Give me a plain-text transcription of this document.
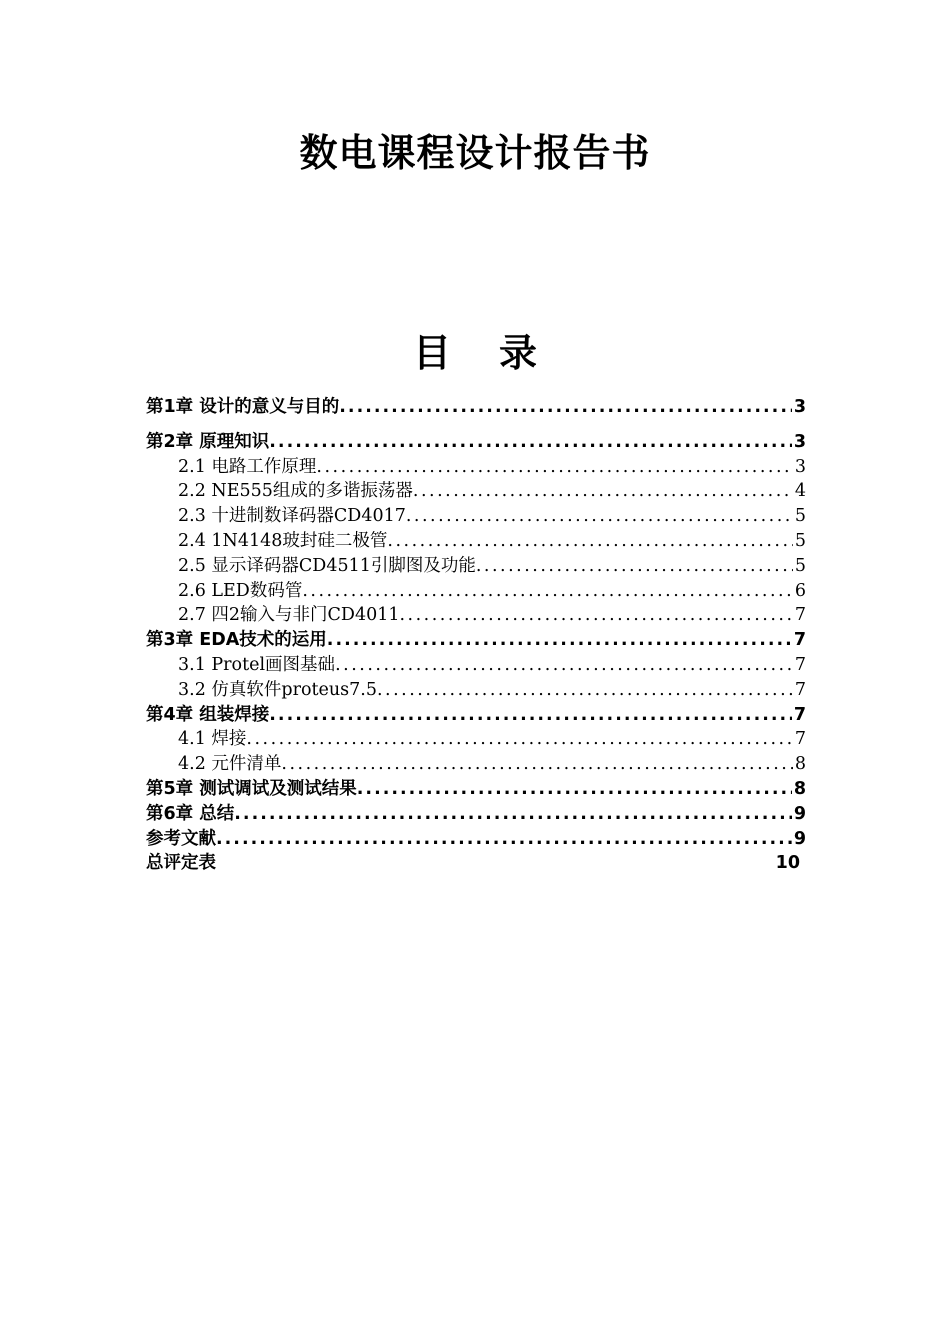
数电课程设计报告书
目 录
第1章 设计的意义与目的 .....	3
第2章 原理知识 .....	3
2.1 电路工作原理 .....	3
2.2 NE555组成的多谐振荡器 .....	4
2.3 十进制数译码器CD4017 .....	5
2.4 1N4148玻封硅二极管 .....	5
2.5 显示译码器CD4511引脚图及功能 .....	5
2.6 LED数码管 .....	6
2.7 四2输入与非门CD4011 .....	7
第3章 EDA技术的运用 .....	7
3.1 Protel画图基础 .....	7
3.2 仿真软件proteus7.5 .....	7
第4章 组装焊接 .....	7
4.1 焊接 .....	7
4.2 元件清单 .....	8
第5章 测试调试及测试结果 .....	8
第6章 总结 .....	9
参考文献 .....	9
总评定表	10
